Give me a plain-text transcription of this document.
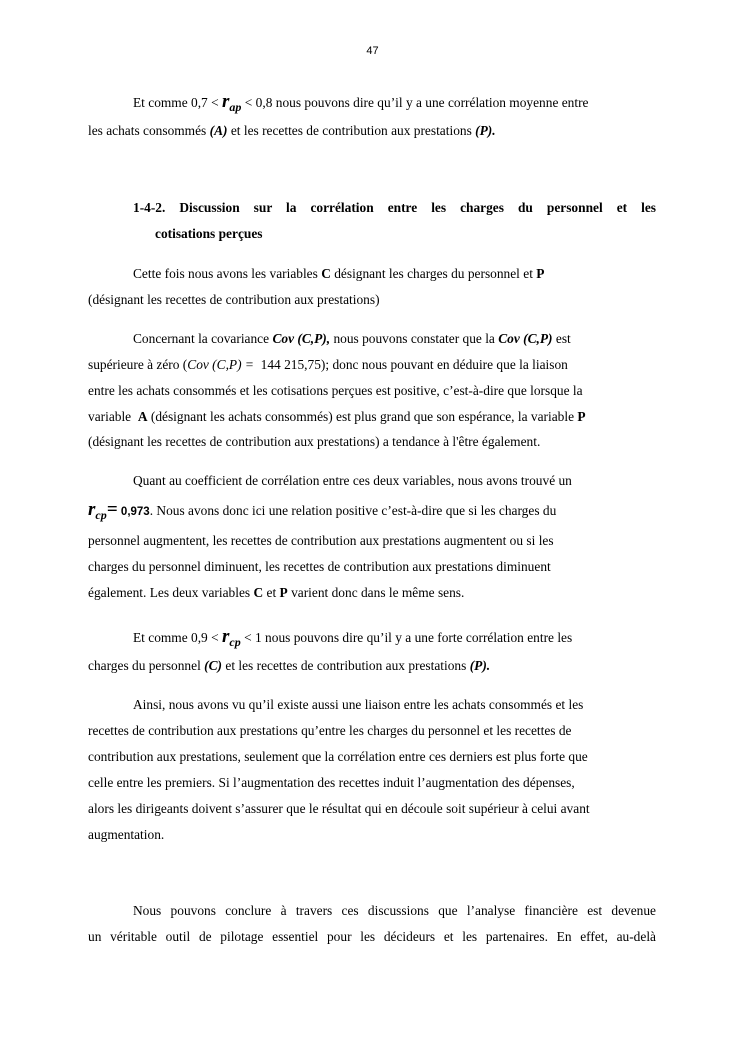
47
Et comme $0,7 < r_{ap} < 0,8$ nous pouvons dire qu’il y a une corrélation moyenne entre
les achats consommés (A) et les recettes de contribution aux prestations (P).
1-4-2. Discussion sur la corrélation entre les charges du personnel et les
cotisations perçues
Cette fois nous avons les variables C désignant les charges du personnel et P
(désignant les recettes de contribution aux prestations)
Concernant la covariance Cov (C,P), nous pouvons constater que la Cov (C,P) est
supérieure à zéro (Cov (C,P) = 144 215,75); donc nous pouvant en déduire que la liaison
entre les achats consommés et les cotisations perçues est positive, c’est-à-dire que lorsque la
variable A (désignant les achats consommés) est plus grand que son espérance, la variable P
(désignant les recettes de contribution aux prestations) a tendance à l'être également.
Quant au coefficient de corrélation entre ces deux variables, nous avons trouvé un
$r_{cp}= 0,973$. Nous avons donc ici une relation positive c’est-à-dire que si les charges du
personnel augmentent, les recettes de contribution aux prestations augmentent ou si les
charges du personnel diminuent, les recettes de contribution aux prestations diminuent
également. Les deux variables C et P varient donc dans le même sens.
Et comme $0,9 < r_{cp} < 1$ nous pouvons dire qu’il y a une forte corrélation entre les
charges du personnel (C) et les recettes de contribution aux prestations (P).
Ainsi, nous avons vu qu’il existe aussi une liaison entre les achats consommés et les
recettes de contribution aux prestations qu’entre les charges du personnel et les recettes de
contribution aux prestations, seulement que la corrélation entre ces derniers est plus forte que
celle entre les premiers. Si l’augmentation des recettes induit l’augmentation des dépenses,
alors les dirigeants doivent s’assurer que le résultat qui en découle soit supérieur à celui avant
augmentation.
Nous pouvons conclure à travers ces discussions que l’analyse financière est devenue
un véritable outil de pilotage essentiel pour les décideurs et les partenaires. En effet, au-delà
